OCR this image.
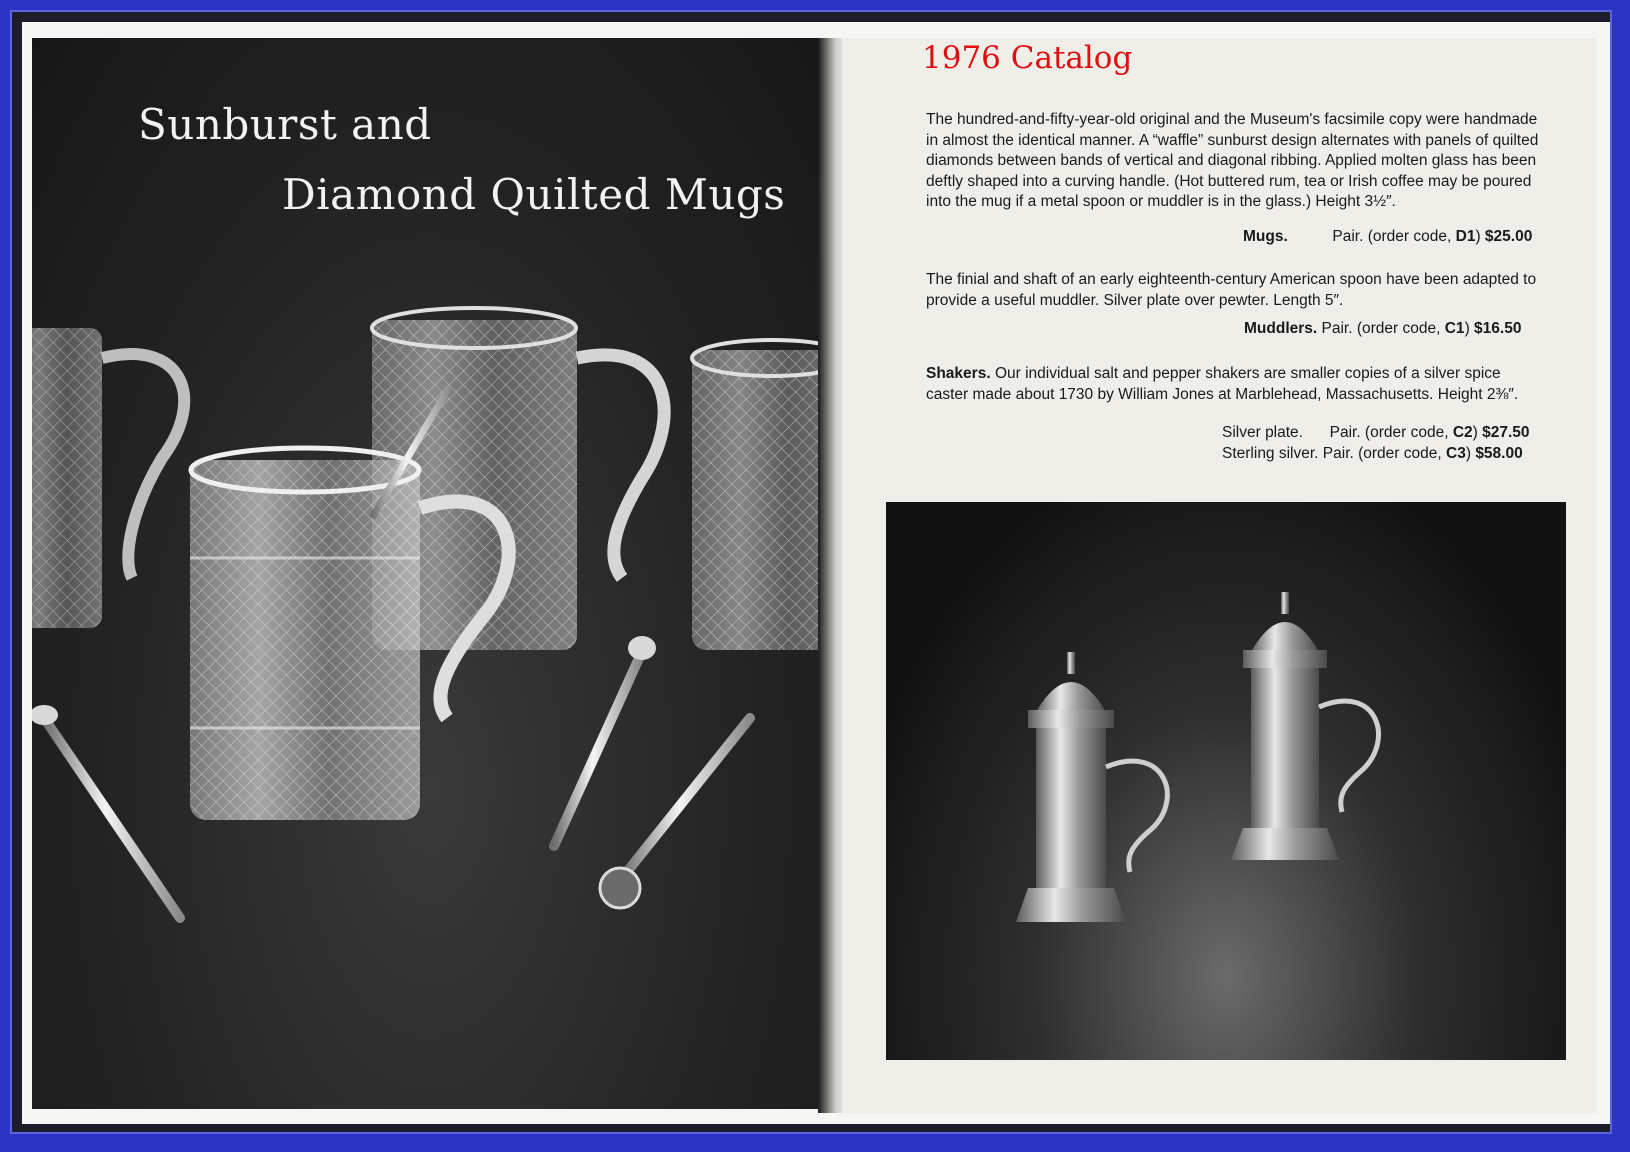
Sunburst and
Diamond Quilted Mugs
1976 Catalog
The hundred-and-fifty-year-old original and the Museum's facsimile copy were handmade in almost the identical manner. A “waffle” sunburst design alternates with panels of quilted diamonds between bands of vertical and diagonal ribbing. Applied molten glass has been deftly shaped into a curving handle. (Hot buttered rum, tea or Irish coffee may be poured into the mug if a metal spoon or muddler is in the glass.) Height 3½″.
Mugs.	Pair. (order code, D1) $25.00
The finial and shaft of an early eighteenth-century American spoon have been adapted to provide a useful muddler. Silver plate over pewter. Length 5″.
Muddlers. Pair. (order code, C1) $16.50
Shakers. Our individual salt and pepper shakers are smaller copies of a silver spice caster made about 1730 by William Jones at Marblehead, Massachusetts. Height 2⅜″.
Silver plate. Pair. (order code, C2) $27.50
Sterling silver. Pair. (order code, C3) $58.00
